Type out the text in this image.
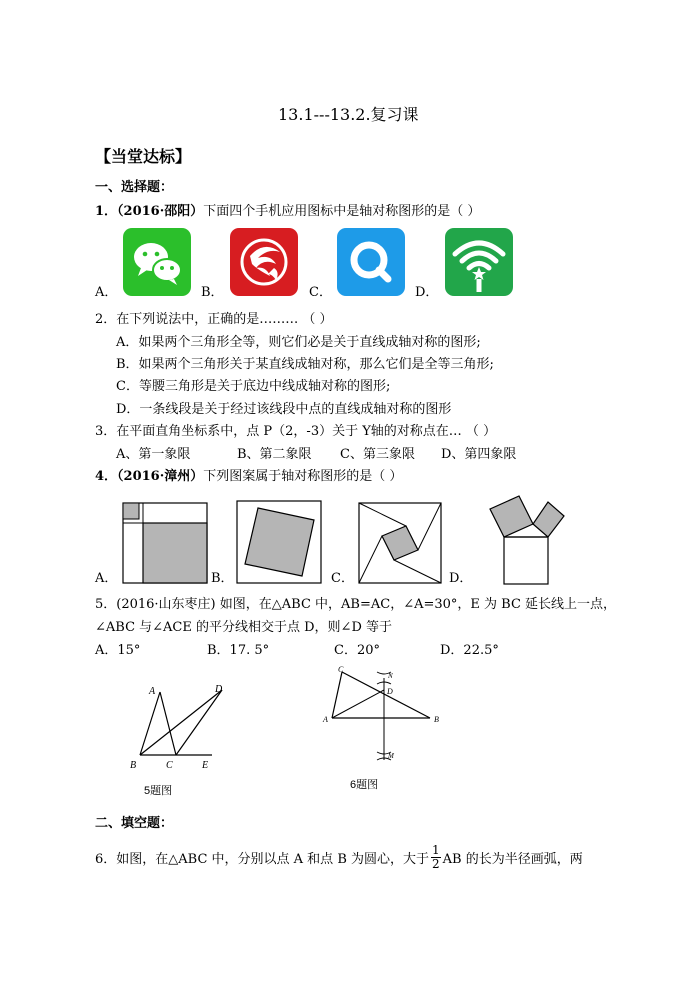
13.1---13.2.复习课
【当堂达标】
一、选择题：
1．（2016·邵阳）下面四个手机应用图标中是轴对称图形的是（ ）
A．	B．	C．	D．
2．在下列说法中，正确的是……… （ ）
A．如果两个三角形全等，则它们必是关于直线成轴对称的图形;
B．如果两个三角形关于某直线成轴对称，那么它们是全等三角形;
C．等腰三角形是关于底边中线成轴对称的图形;
D．一条线段是关于经过该线段中点的直线成轴对称的图形
3．在平面直角坐标系中，点 P（2，-3）关于 Y轴的对称点在… （ ）
A、第一象限	B、第二象限 C、第三象限 D、第四象限
4．（2016·漳州）下列图案属于轴对称图形的是（ ）
A．	B．	C．	D．
5．(2016·山东枣庄) 如图，在△ABC 中，AB=AC，∠A=30°，E 为 BC 延长线上一点，
∠ABC 与∠ACE 的平分线相交于点 D，则∠D 等于
A．15°	B．17. 5°	C．20°	D．22.5°
A	D
B	C	E
5题图
C
N
D
A	B
M
6题图
二、填空题：
6．如图，在△ABC 中，分别以点 A 和点 B 为圆心，大于 $\frac{1}{2}$ AB 的长为半径画弧，两
